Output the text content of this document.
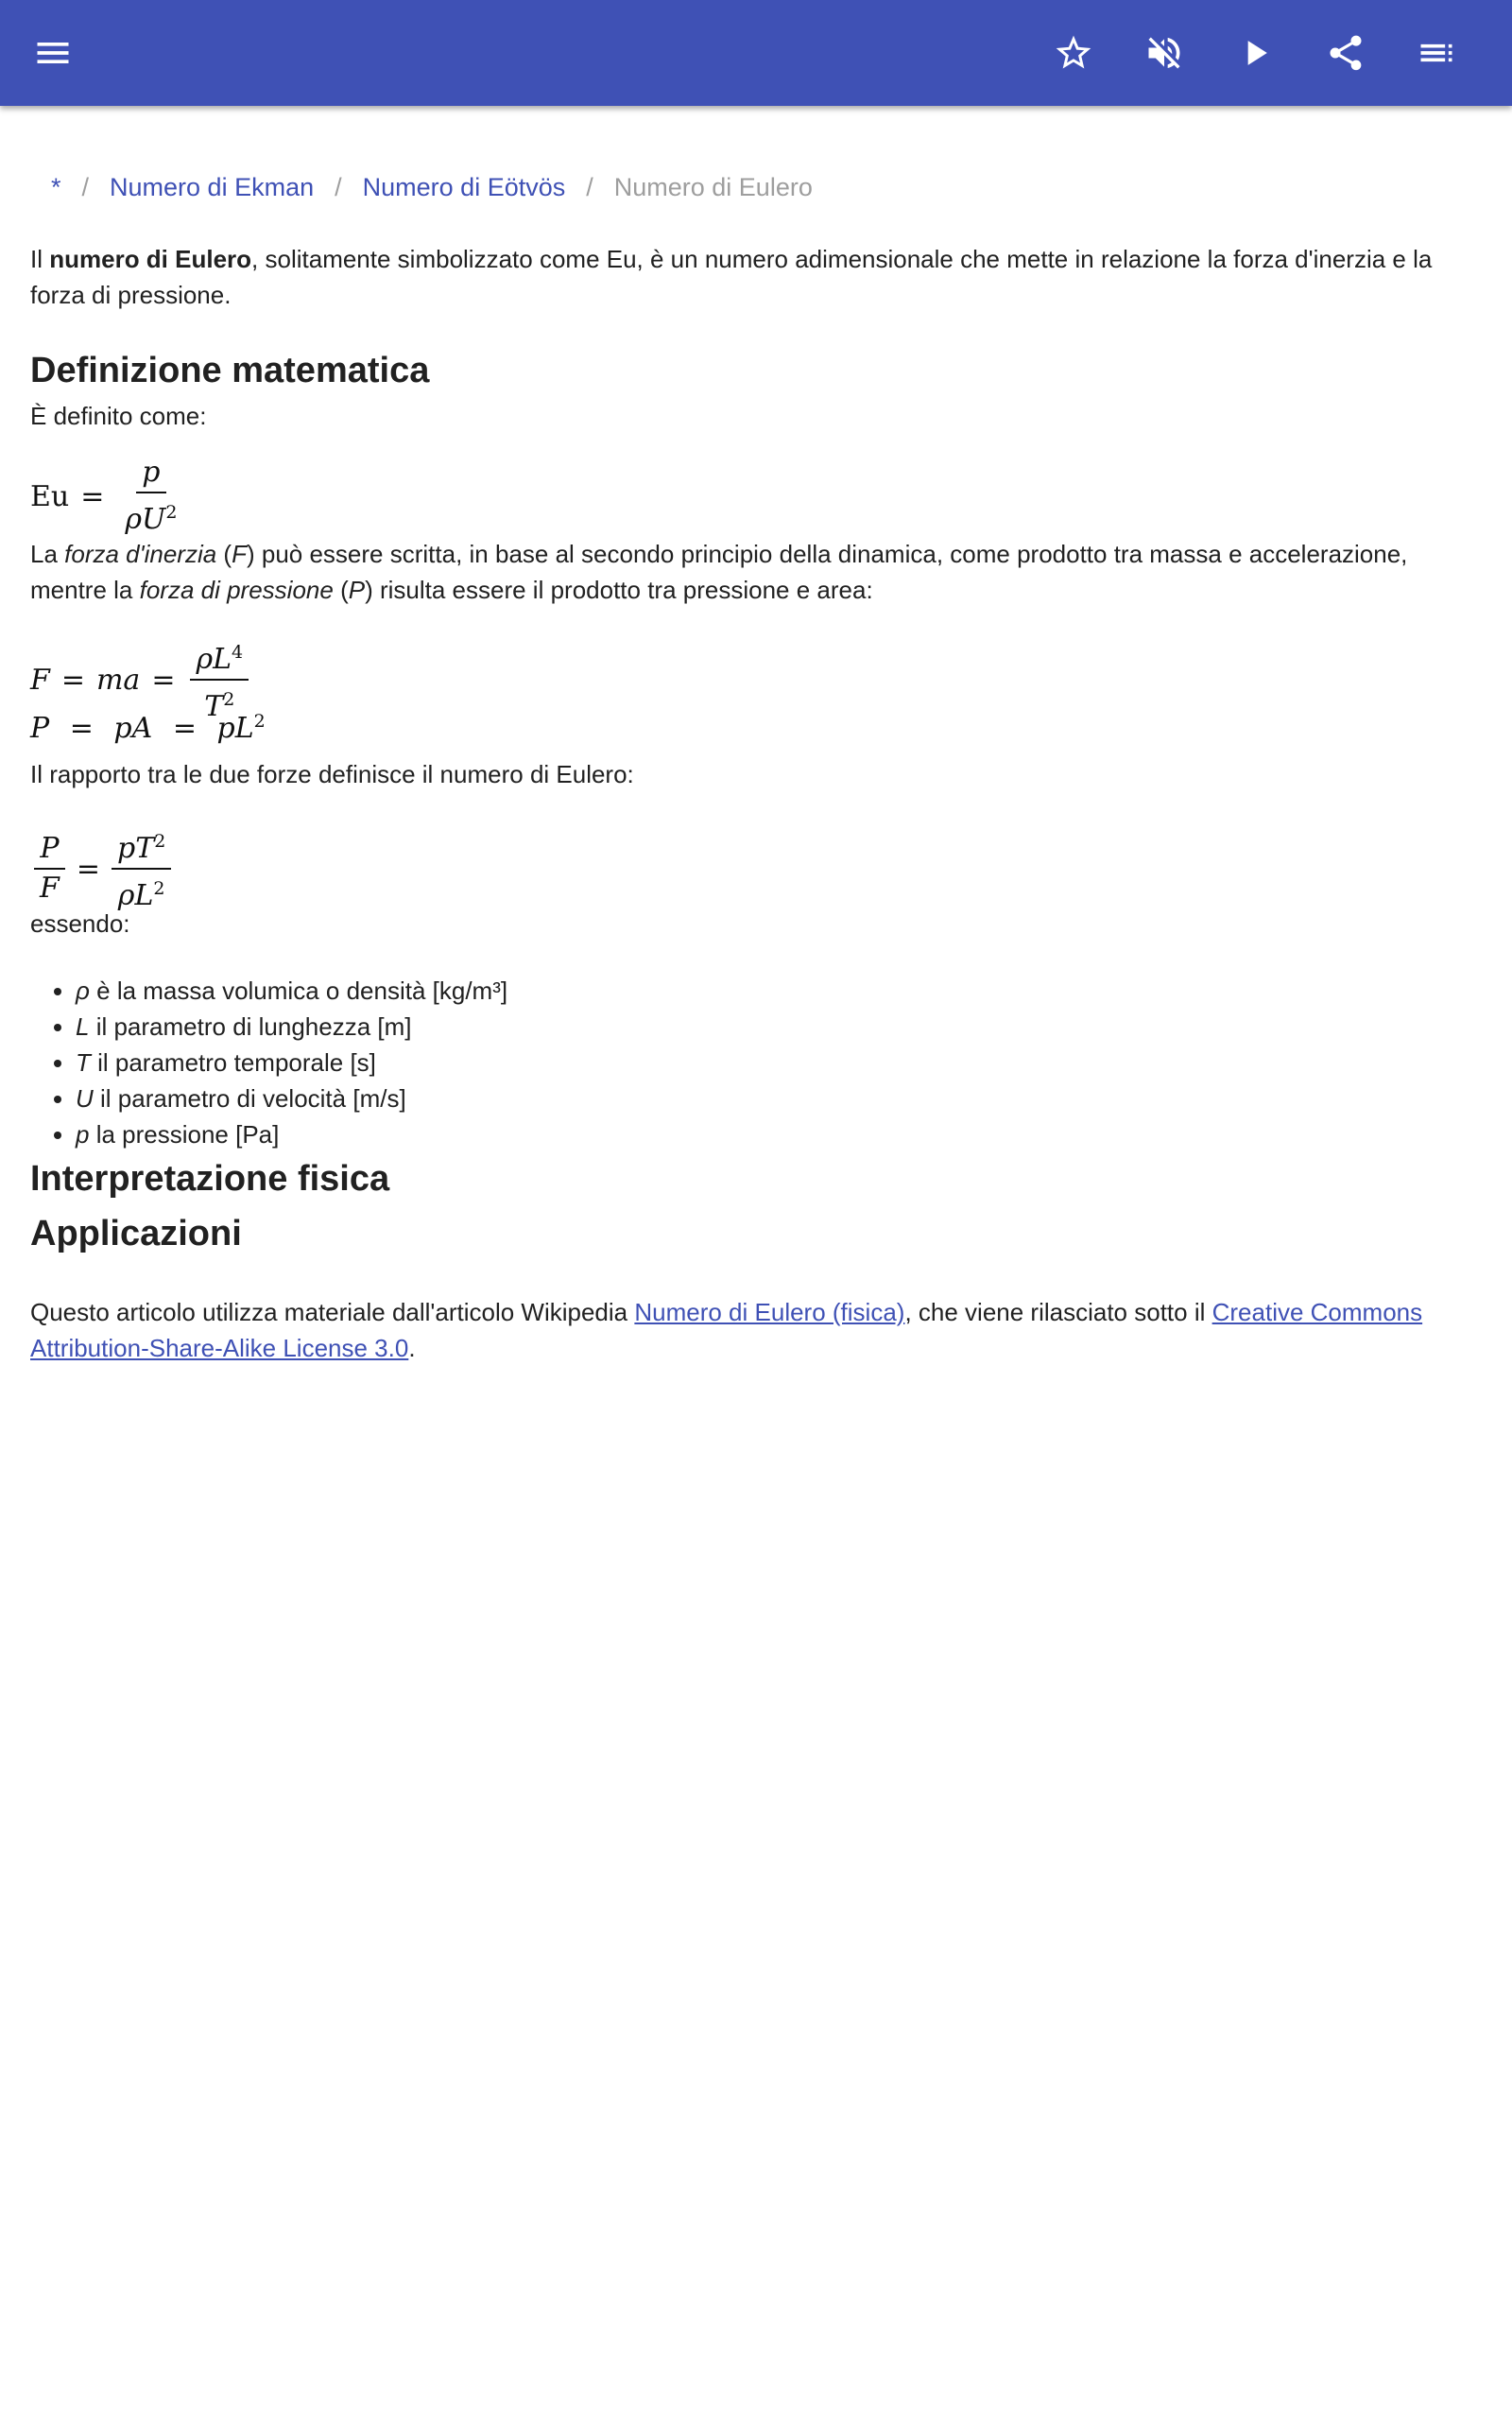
* / Numero di Ekman / Numero di Eötvös / Numero di Eulero

Il numero di Eulero, solitamente simbolizzato come Eu, è un numero adimensionale che mette in relazione la forza d'inerzia e la forza di pressione.

Definizione matematica

È definito come:

$Eu = \frac{p}{\rho U^2}$

La forza d'inerzia (F) può essere scritta, in base al secondo principio della dinamica, come prodotto tra massa e accelerazione, mentre la forza di pressione (P) risulta essere il prodotto tra pressione e area:

F = ma = $\frac{\rho L^4}{T^2}$
P = pA = $pL^2$

Il rapporto tra le due forze definisce il numero di Eulero:

$\frac{P}{F} = \frac{pT^2}{\rho L^2}$

essendo:

• ρ è la massa volumica o densità [kg/m³]
• L il parametro di lunghezza [m]
• T il parametro temporale [s]
• U il parametro di velocità [m/s]
• p la pressione [Pa]
Interpretazione fisica
Applicazioni

Questo articolo utilizza materiale dall'articolo Wikipedia Numero di Eulero (fisica), che viene rilasciato sotto il Creative Commons Attribution-Share-Alike License 3.0.
